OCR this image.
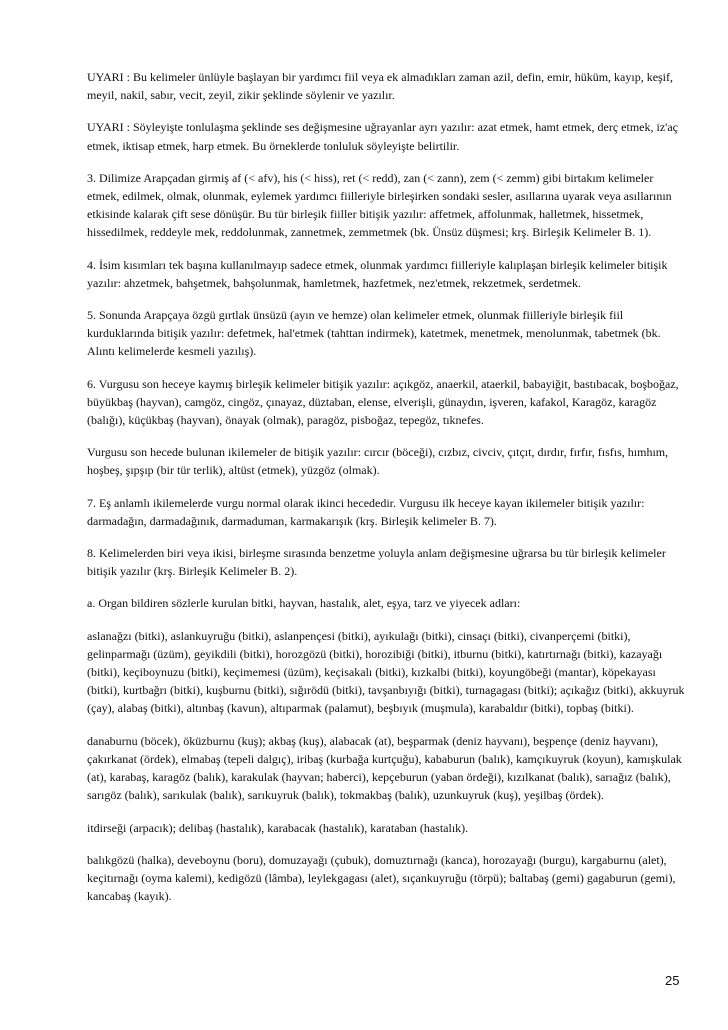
UYARI : Bu kelimeler ünlüyle başlayan bir yardımcı fiil veya ek almadıkları zaman azil, defin, emir, hüküm, kayıp, keşif, meyil, nakil, sabır, vecit, zeyil, zikir şeklinde söylenir ve yazılır.

UYARI : Söyleyişte tonlulaşma şeklinde ses değişmesine uğrayanlar ayrı yazılır: azat etmek, hamt etmek, derç etmek, iz'aç etmek, iktisap etmek, harp etmek. Bu örneklerde tonluluk söyleyişte belirtilir.

3. Dilimize Arapçadan girmiş af (< afv), his (< hiss), ret (< redd), zan (< zann), zem (< zemm) gibi birtakım kelimeler etmek, edilmek, olmak, olunmak, eylemek yardımcı fiilleriyle birleşirken sondaki sesler, asıllarına uyarak veya asıllarının etkisinde kalarak çift sese dönüşür. Bu tür birleşik fiiller bitişik yazılır: affetmek, affolunmak, halletmek, hissetmek, hissedilmek, reddeyle mek, reddolunmak, zannetmek, zemmetmek (bk. Ünsüz düşmesi; krş. Birleşik Kelimeler B. 1).

4. İsim kısımları tek başına kullanılmayıp sadece etmek, olunmak yardımcı fiilleriyle kalıplaşan birleşik kelimeler bitişik yazılır: ahzetmek, bahşetmek, bahşolunmak, hamletmek, hazfetmek, nez'etmek, rekzetmek, serdetmek.

5. Sonunda Arapçaya özgü gırtlak ünsüzü (ayın ve hemze) olan kelimeler etmek, olunmak fiilleriyle birleşik fiil kurduklarında bitişik yazılır: defetmek, hal'etmek (tahttan indirmek), katetmek, menetmek, menolunmak, tabetmek (bk. Alıntı kelimelerde kesmeli yazılış).

6. Vurgusu son heceye kaymış birleşik kelimeler bitişik yazılır: açıkgöz, anaerkil, ataerkil, babayiğit, bastıbacak, boşboğaz, büyükbaş (hayvan), camgöz, cingöz, çınayaz, düztaban, elense, elverişli, günaydın, işveren, kafakol, Karagöz, karagöz (balığı), küçükbaş (hayvan), önayak (olmak), paragöz, pisboğaz, tepegöz, tıknefes.

Vurgusu son hecede bulunan ikilemeler de bitişik yazılır: cırcır (böceği), cızbız, civciv, çıtçıt, dırdır, fırfır, fısfıs, hımhım, hoşbeş, şıpşıp (bir tür terlik), altüst (etmek), yüzgöz (olmak).

7. Eş anlamlı ikilemelerde vurgu normal olarak ikinci hecededir. Vurgusu ilk heceye kayan ikilemeler bitişik yazılır: darmadağın, darmadağınık, darmaduman, karmakarışık (krş. Birleşik kelimeler B. 7).

8. Kelimelerden biri veya ikisi, birleşme sırasında benzetme yoluyla anlam değişmesine uğrarsa bu tür birleşik kelimeler bitişik yazılır (krş. Birleşik Kelimeler B. 2).

a. Organ bildiren sözlerle kurulan bitki, hayvan, hastalık, alet, eşya, tarz ve yiyecek adları:

aslanağzı (bitki), aslankuyruğu (bitki), aslanpençesi (bitki), ayıkulağı (bitki), cinsaçı (bitki), civanperçemi (bitki), gelinparmağı (üzüm), geyikdili (bitki), horozgözü (bitki), horozibiği (bitki), itburnu (bitki), katırtırnağı (bitki), kazayağı (bitki), keçiboynuzu (bitki), keçimemesi (üzüm), keçisakalı (bitki), kızkalbi (bitki), koyungöbeği (mantar), köpekayası (bitki), kurtbağrı (bitki), kuşburnu (bitki), sığırödü (bitki), tavşanbıyığı (bitki), turnagagası (bitki); açıkağız (bitki), akkuyruk (çay), alabaş (bitki), altınbaş (kavun), altıparmak (palamut), beşbıyık (muşmula), karabaldır (bitki), topbaş (bitki).

danaburnu (böcek), öküzburnu (kuş); akbaş (kuş), alabacak (at), beşparmak (deniz hayvanı), beşpençe (deniz hayvanı), çakırkanat (ördek), elmabaş (tepeli dalgıç), iribaş (kurbağa kurtçuğu), kababurun (balık), kamçıkuyruk (koyun), kamışkulak (at), karabaş, karagöz (balık), karakulak (hayvan; haberci), kepçeburun (yaban ördeği), kızılkanat (balık), sarıağız (balık), sarıgöz (balık), sarıkulak (balık), sarıkuyruk (balık), tokmakbaş (balık), uzunkuyruk (kuş), yeşilbaş (ördek).

itdirseği (arpacık); delibaş (hastalık), karabacak (hastalık), karataban (hastalık).

balıkgözü (halka), deveboynu (boru), domuzayağı (çubuk), domuztırnağı (kanca), horozayağı (burgu), kargaburnu (alet), keçitırnağı (oyma kalemi), kedigözü (lâmba), leylekgagası (alet), sıçankuyruğu (törpü); baltabaş (gemi) gagaburun (gemi), kancabaş (kayık).

25
